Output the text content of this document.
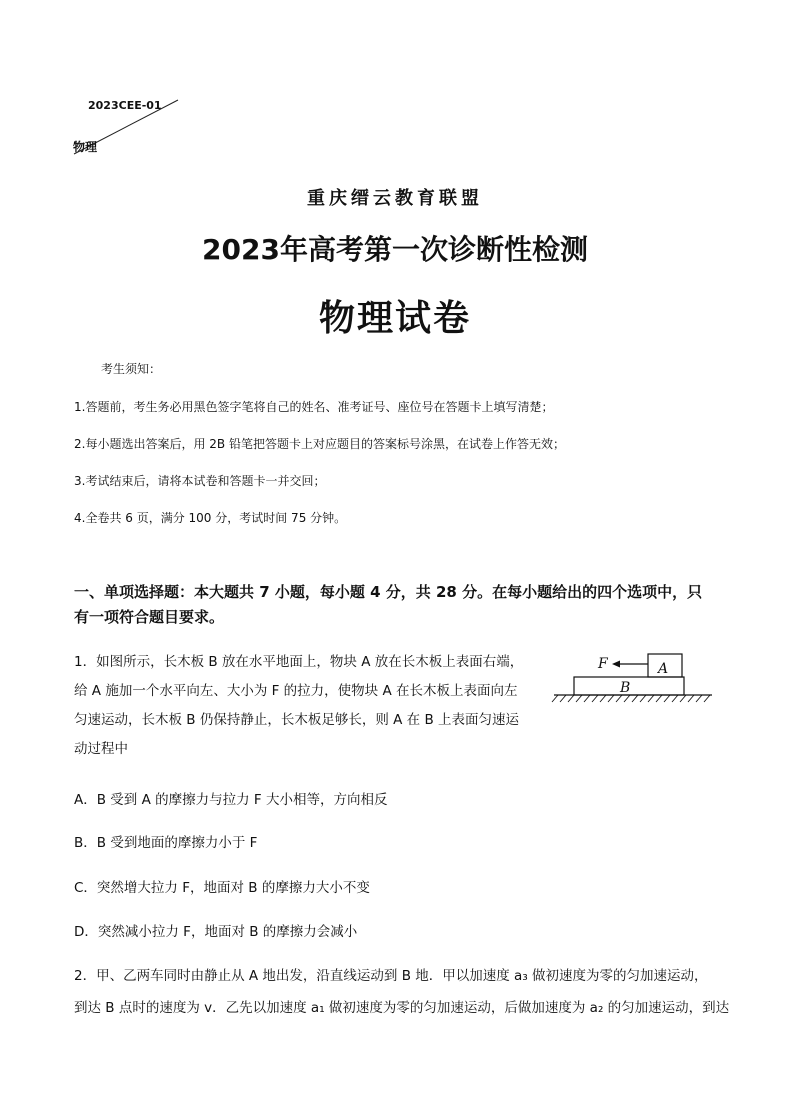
2023CEE-01
物理
重庆缙云教育联盟
2023年高考第一次诊断性检测
物理试卷
考生须知：
1.答题前，考生务必用黑色签字笔将自己的姓名、准考证号、座位号在答题卡上填写清楚；
2.每小题选出答案后，用 2B 铅笔把答题卡上对应题目的答案标号涂黑，在试卷上作答无效；
3.考试结束后，请将本试卷和答题卡一并交回；
4.全卷共 6 页，满分 100 分，考试时间 75 分钟。
一、单项选择题：本大题共 7 小题，每小题 4 分，共 28 分。在每小题给出的四个选项中，只
有一项符合题目要求。
1．如图所示，长木板 B 放在水平地面上，物块 A 放在长木板上表面右端，
给 A 施加一个水平向左、大小为 F 的拉力，使物块 A 在长木板上表面向左
匀速运动，长木板 B 仍保持静止，长木板足够长，则 A 在 B 上表面匀速运
动过程中
F	A
B
A．B 受到 A 的摩擦力与拉力 F 大小相等，方向相反
B．B 受到地面的摩擦力小于 F
C．突然增大拉力 F，地面对 B 的摩擦力大小不变
D．突然减小拉力 F，地面对 B 的摩擦力会减小
2．甲、乙两车同时由静止从 A 地出发，沿直线运动到 B 地．甲以加速度 a₃ 做初速度为零的匀加速运动，
到达 B 点时的速度为 v．乙先以加速度 a₁ 做初速度为零的匀加速运动，后做加速度为 a₂ 的匀加速运动，到达
